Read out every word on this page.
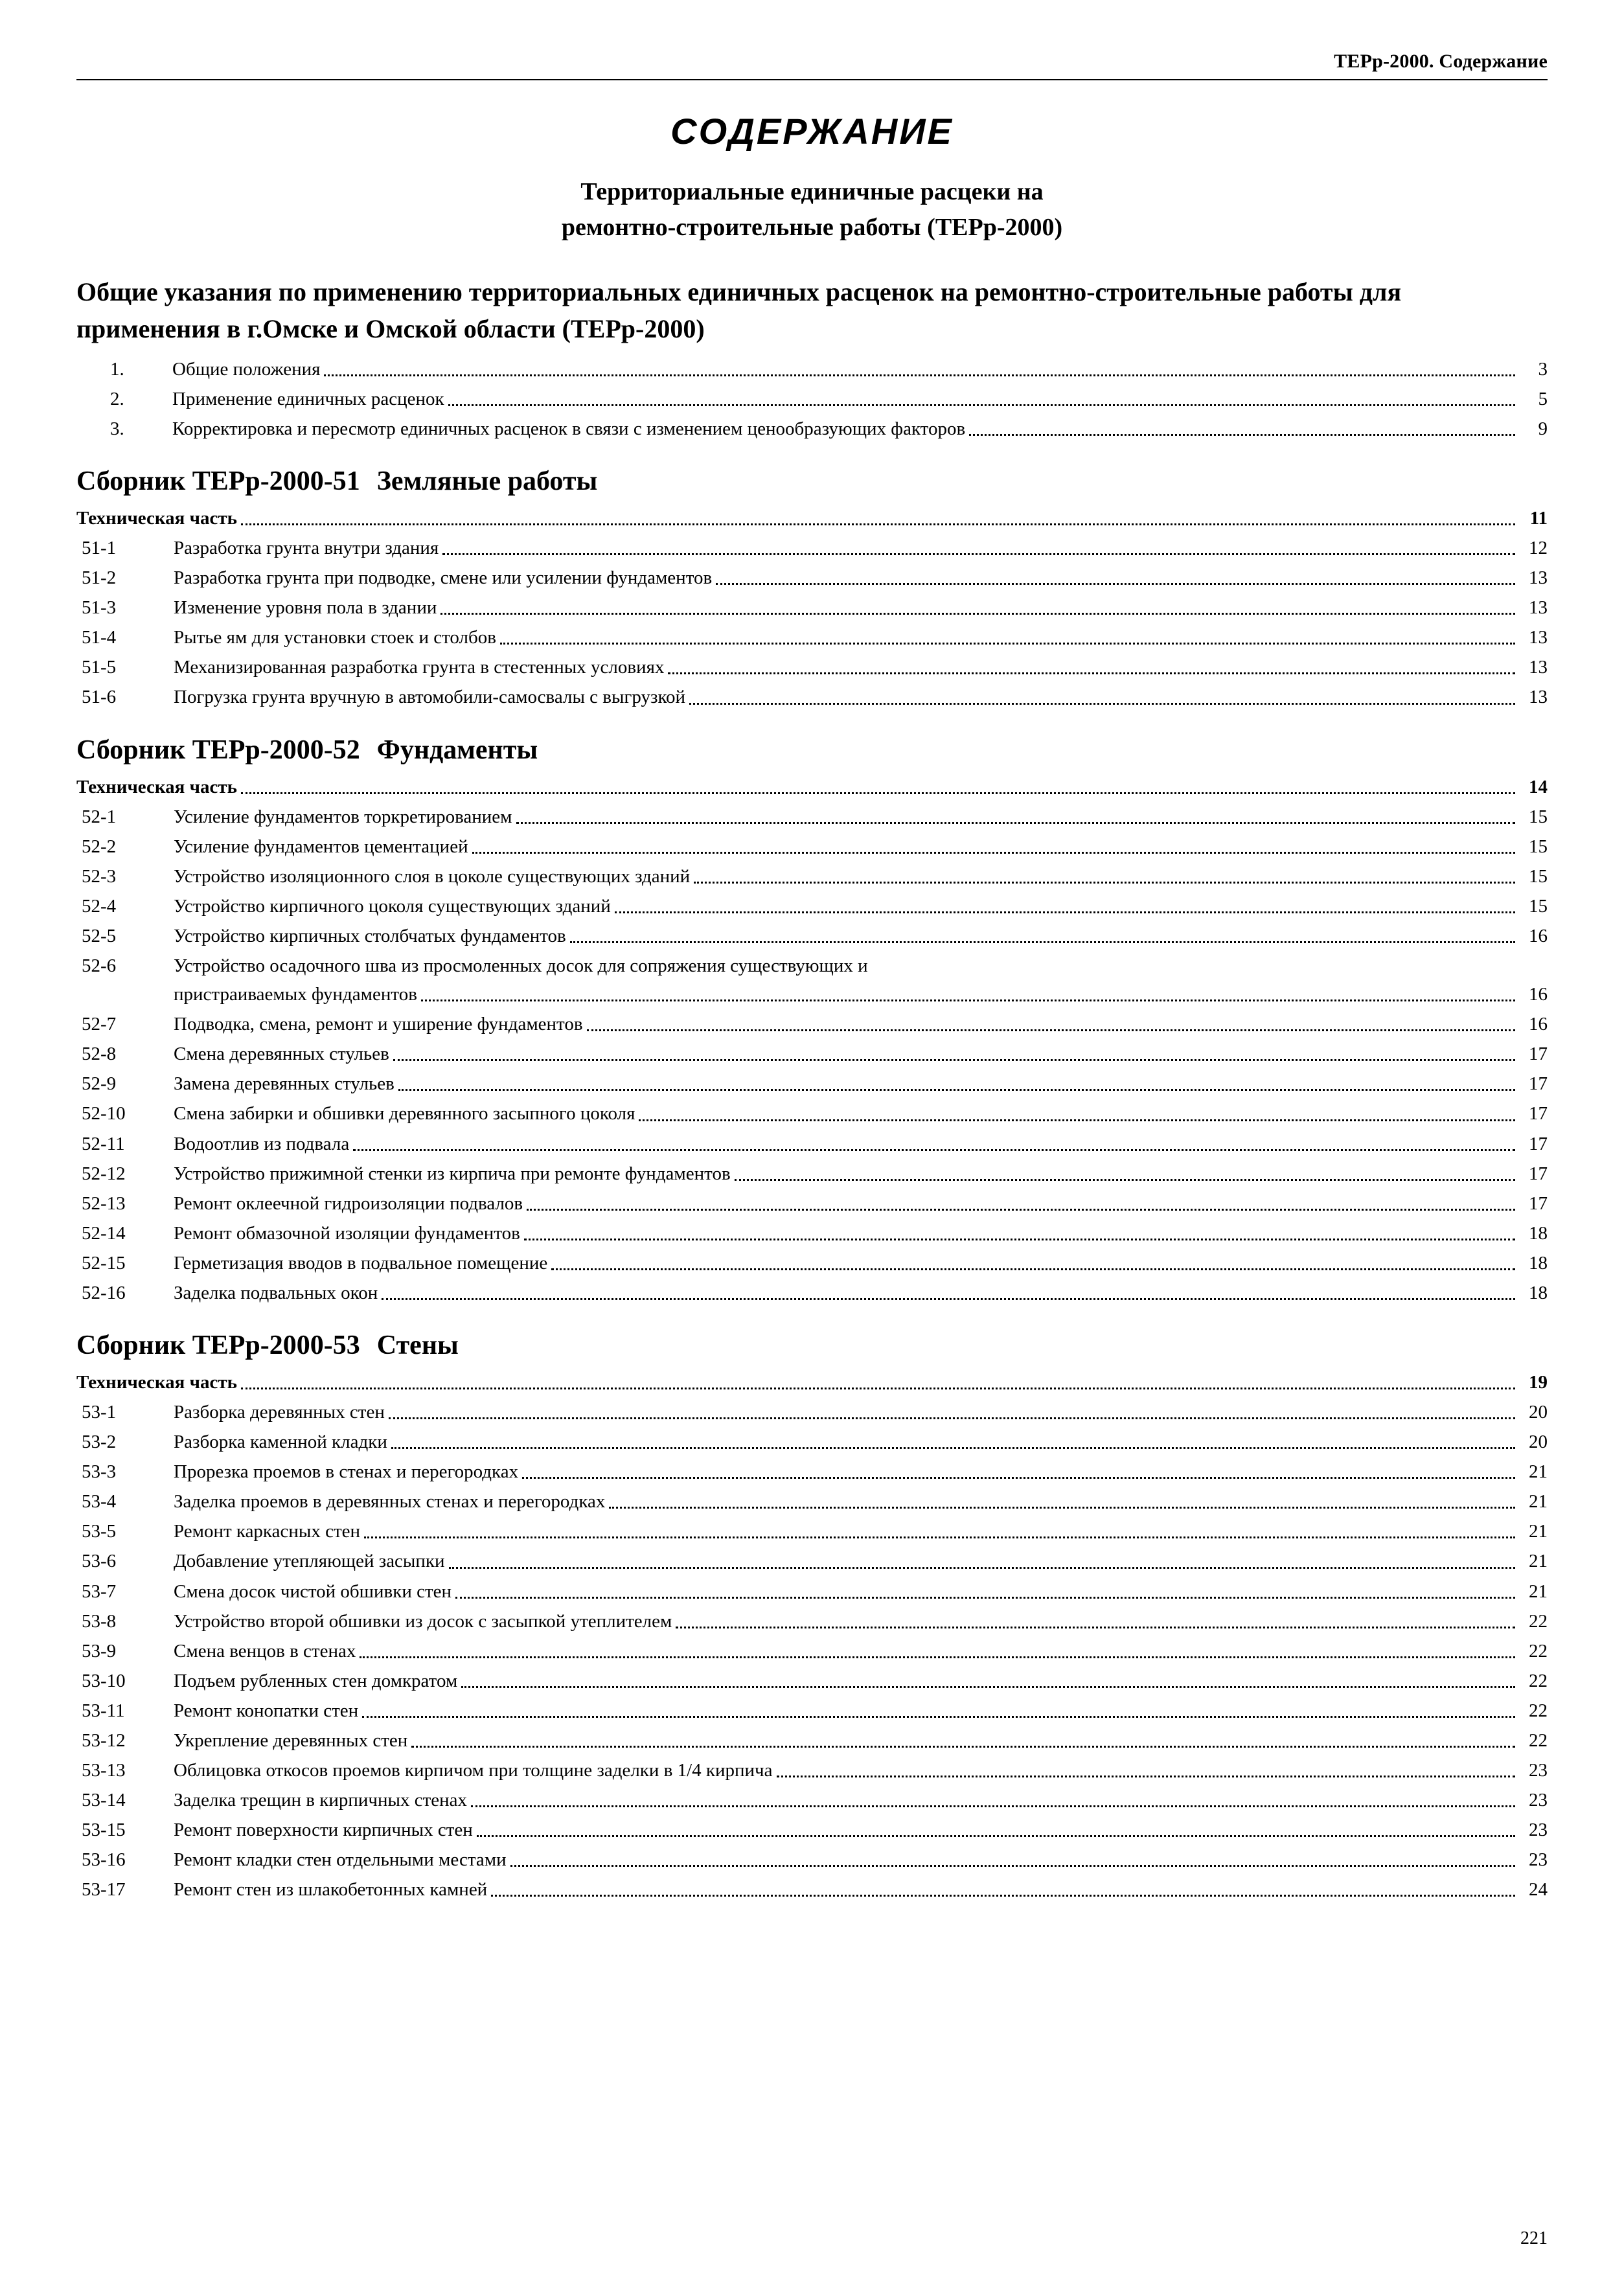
ТЕРр-2000. Содержание
СОДЕРЖАНИЕ
Территориальные единичные расцеки на
ремонтно-строительные работы (ТЕРр-2000)
Общие указания по применению территориальных единичных расценок на ремонтно-строительные работы для применения в г.Омске и Омской области (ТЕРр-2000)
1.	Общие положения	3
2.	Применение единичных расценок	5
3.	Корректировка и пересмотр единичных расценок в связи с изменением ценообразующих факторов	9
Сборник ТЕРр-2000-51 Земляные работы
Техническая часть	11
51-1	Разработка грунта внутри здания	12
51-2	Разработка грунта при подводке, смене или усилении фундаментов	13
51-3	Изменение уровня пола в здании	13
51-4	Рытье ям для установки стоек и столбов	13
51-5	Механизированная разработка грунта в стестенных условиях	13
51-6	Погрузка грунта вручную в автомобили-самосвалы с выгрузкой	13
Сборник ТЕРр-2000-52 Фундаменты
Техническая часть	14
52-1	Усиление фундаментов торкретированием	15
52-2	Усиление фундаментов цементацией	15
52-3	Устройство изоляционного слоя в цоколе существующих зданий	15
52-4	Устройство кирпичного цоколя существующих зданий	15
52-5	Устройство кирпичных столбчатых фундаментов	16
52-6	Устройство осадочного шва из просмоленных досок для сопряжения существующих и
пристраиваемых фундаментов	16
52-7	Подводка, смена, ремонт и уширение фундаментов	16
52-8	Смена деревянных стульев	17
52-9	Замена деревянных стульев	17
52-10	Смена забирки и обшивки деревянного засыпного цоколя	17
52-11	Водоотлив из подвала	17
52-12	Устройство прижимной стенки из кирпича при ремонте фундаментов	17
52-13	Ремонт оклеечной гидроизоляции подвалов	17
52-14	Ремонт обмазочной изоляции фундаментов	18
52-15	Герметизация вводов в подвальное помещение	18
52-16	Заделка подвальных окон	18
Сборник ТЕРр-2000-53 Стены
Техническая часть	19
53-1	Разборка деревянных стен	20
53-2	Разборка каменной кладки	20
53-3	Прорезка проемов в стенах и перегородках	21
53-4	Заделка проемов в деревянных стенах и перегородках	21
53-5	Ремонт каркасных стен	21
53-6	Добавление утепляющей засыпки	21
53-7	Смена досок чистой обшивки стен	21
53-8	Устройство второй обшивки из досок с засыпкой утеплителем	22
53-9	Смена венцов в стенах	22
53-10	Подъем рубленных стен домкратом	22
53-11	Ремонт конопатки стен	22
53-12	Укрепление деревянных стен	22
53-13	Облицовка откосов проемов кирпичом при толщине заделки в 1/4 кирпича	23
53-14	Заделка трещин в кирпичных стенах	23
53-15	Ремонт поверхности кирпичных стен	23
53-16	Ремонт кладки стен отдельными местами	23
53-17	Ремонт стен из шлакобетонных камней	24
221
